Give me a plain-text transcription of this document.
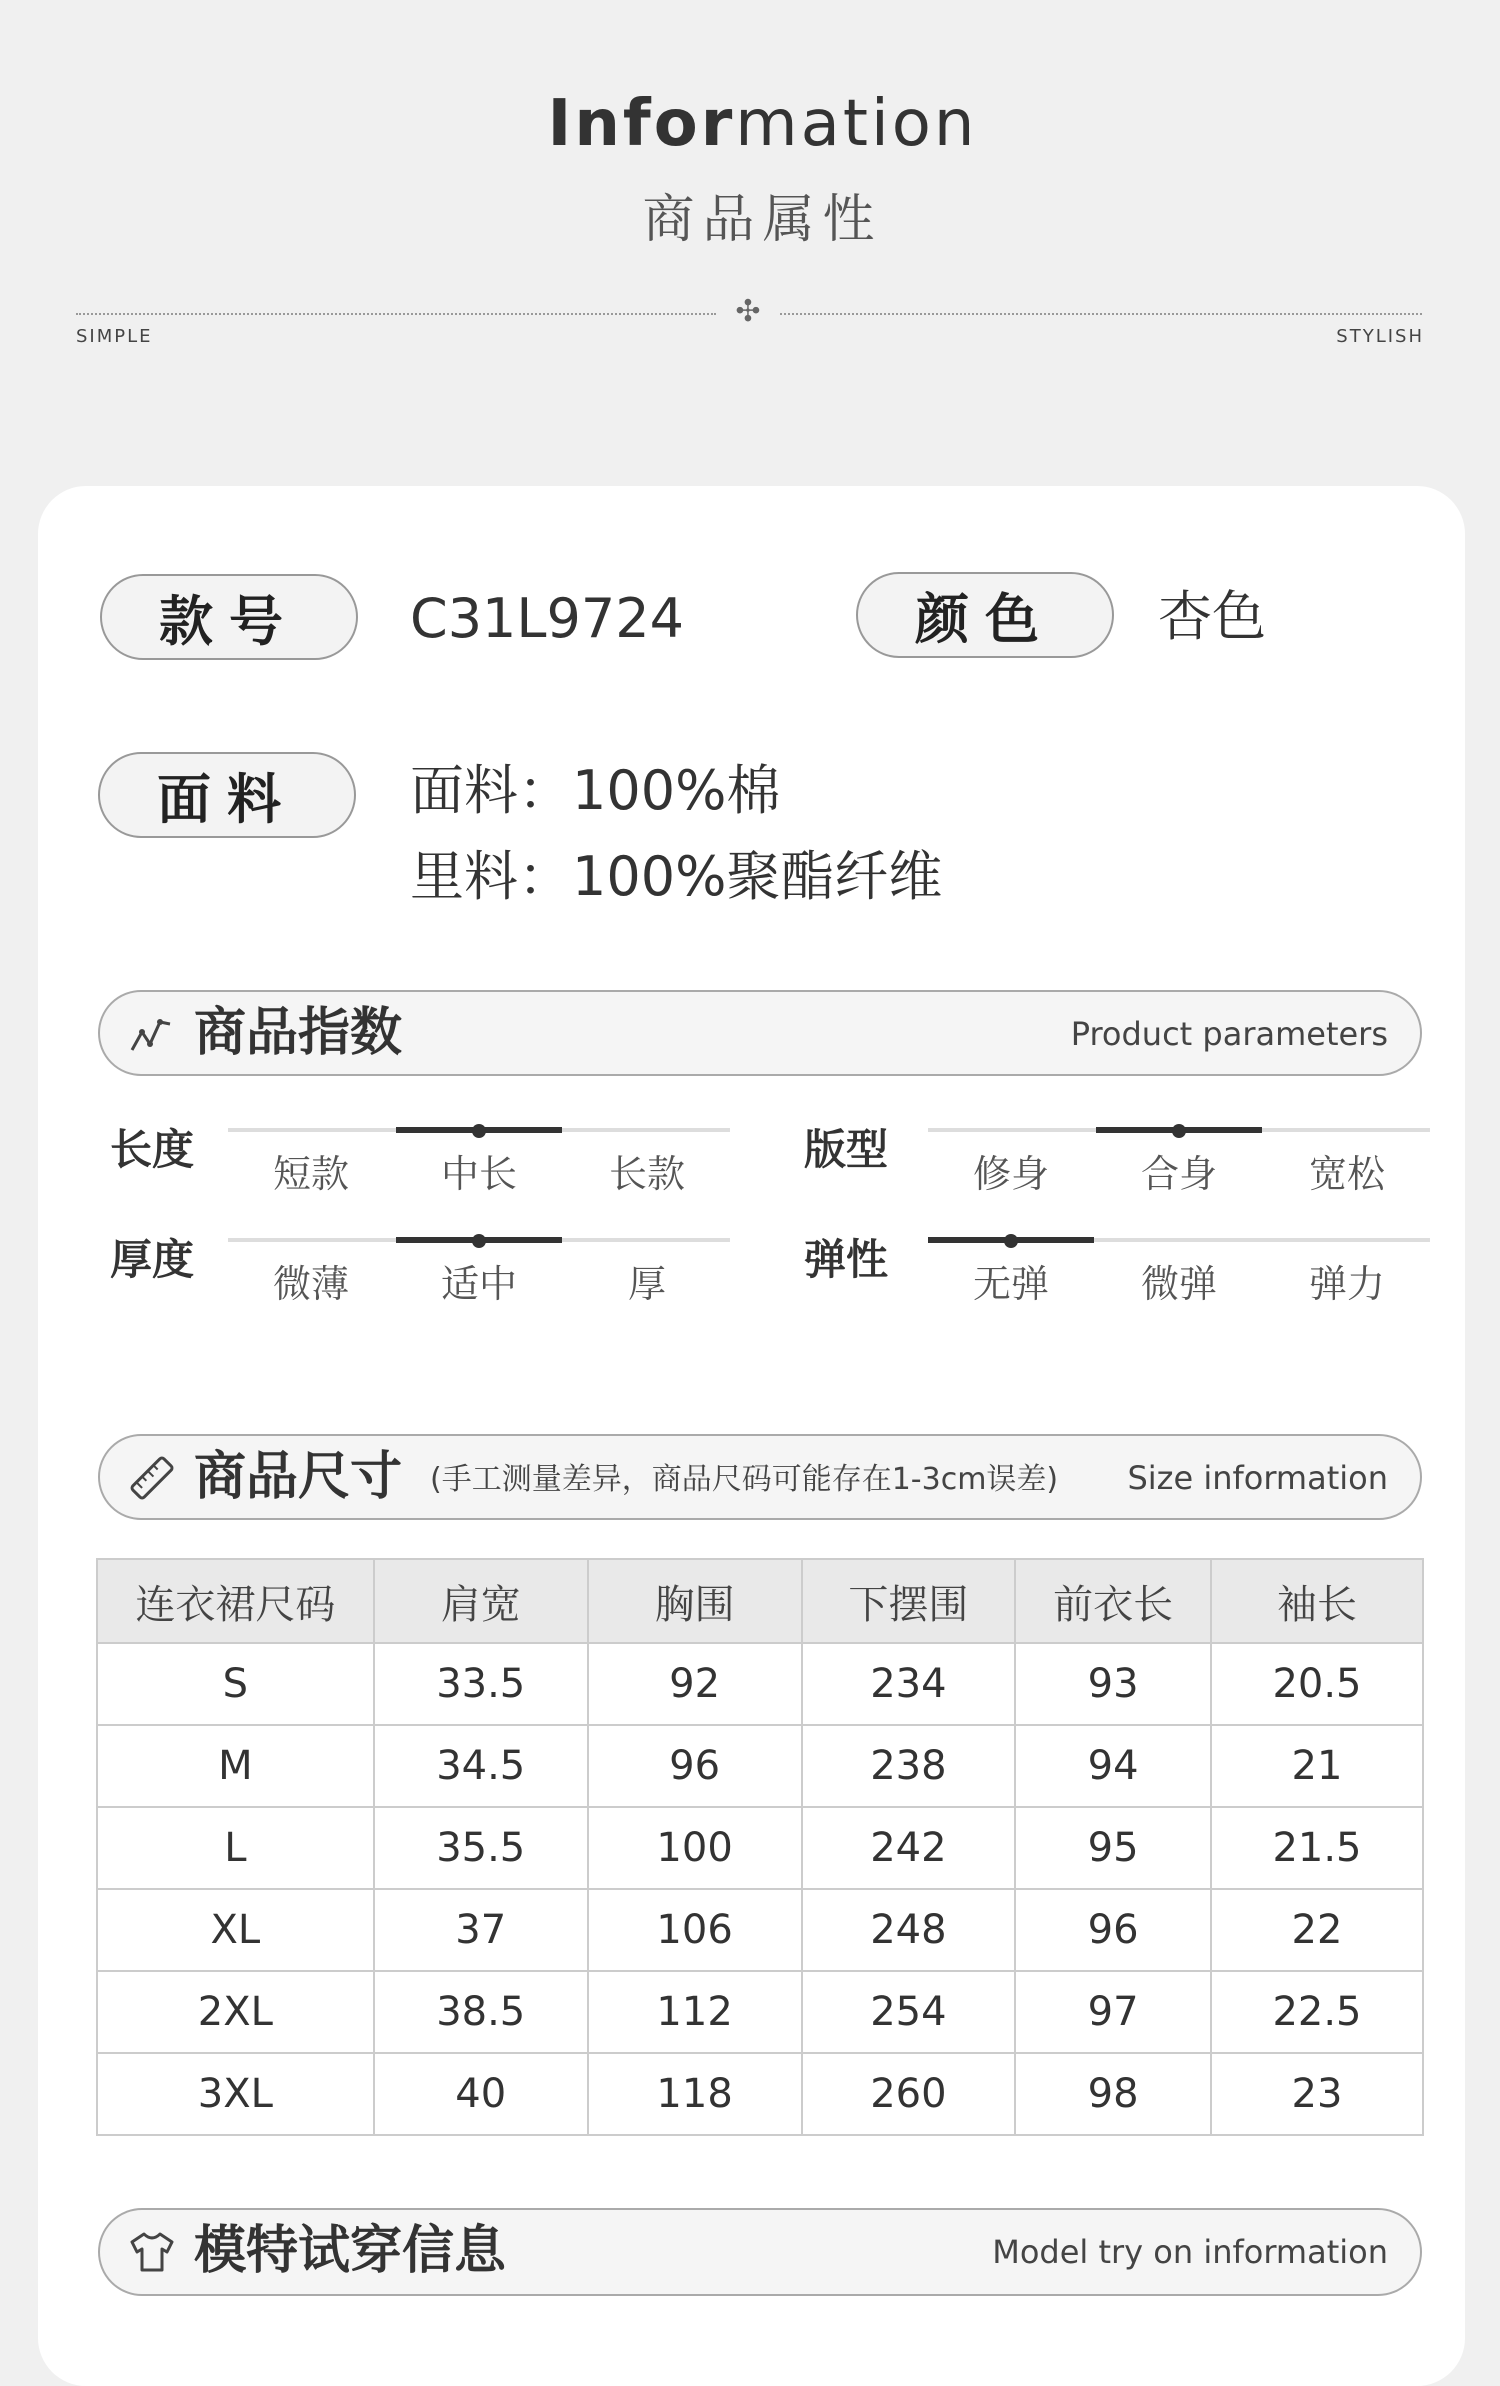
Information
商品属性
✣
SIMPLE	STYLISH
款号	C31L9724	颜色	杏色
面料	面料：100%棉
里料：100%聚酯纤维
商品指数	Product parameters
长度	短款	中长	长款	版型	修身	合身	宽松
厚度	微薄	适中	厚	弹性	无弹	微弹	弹力
商品尺寸 (手工测量差异，商品尺码可能存在1-3cm误差) Size information
连衣裙尺码	肩宽	胸围	下摆围	前衣长	袖长
S	33.5	92	234	93	20.5
M	34.5	96	238	94	21
L	35.5	100	242	95	21.5
XL	37	106	248	96	22
2XL	38.5	112	254	97	22.5
3XL	40	118	260	98	23
模特试穿信息	Model try on information
